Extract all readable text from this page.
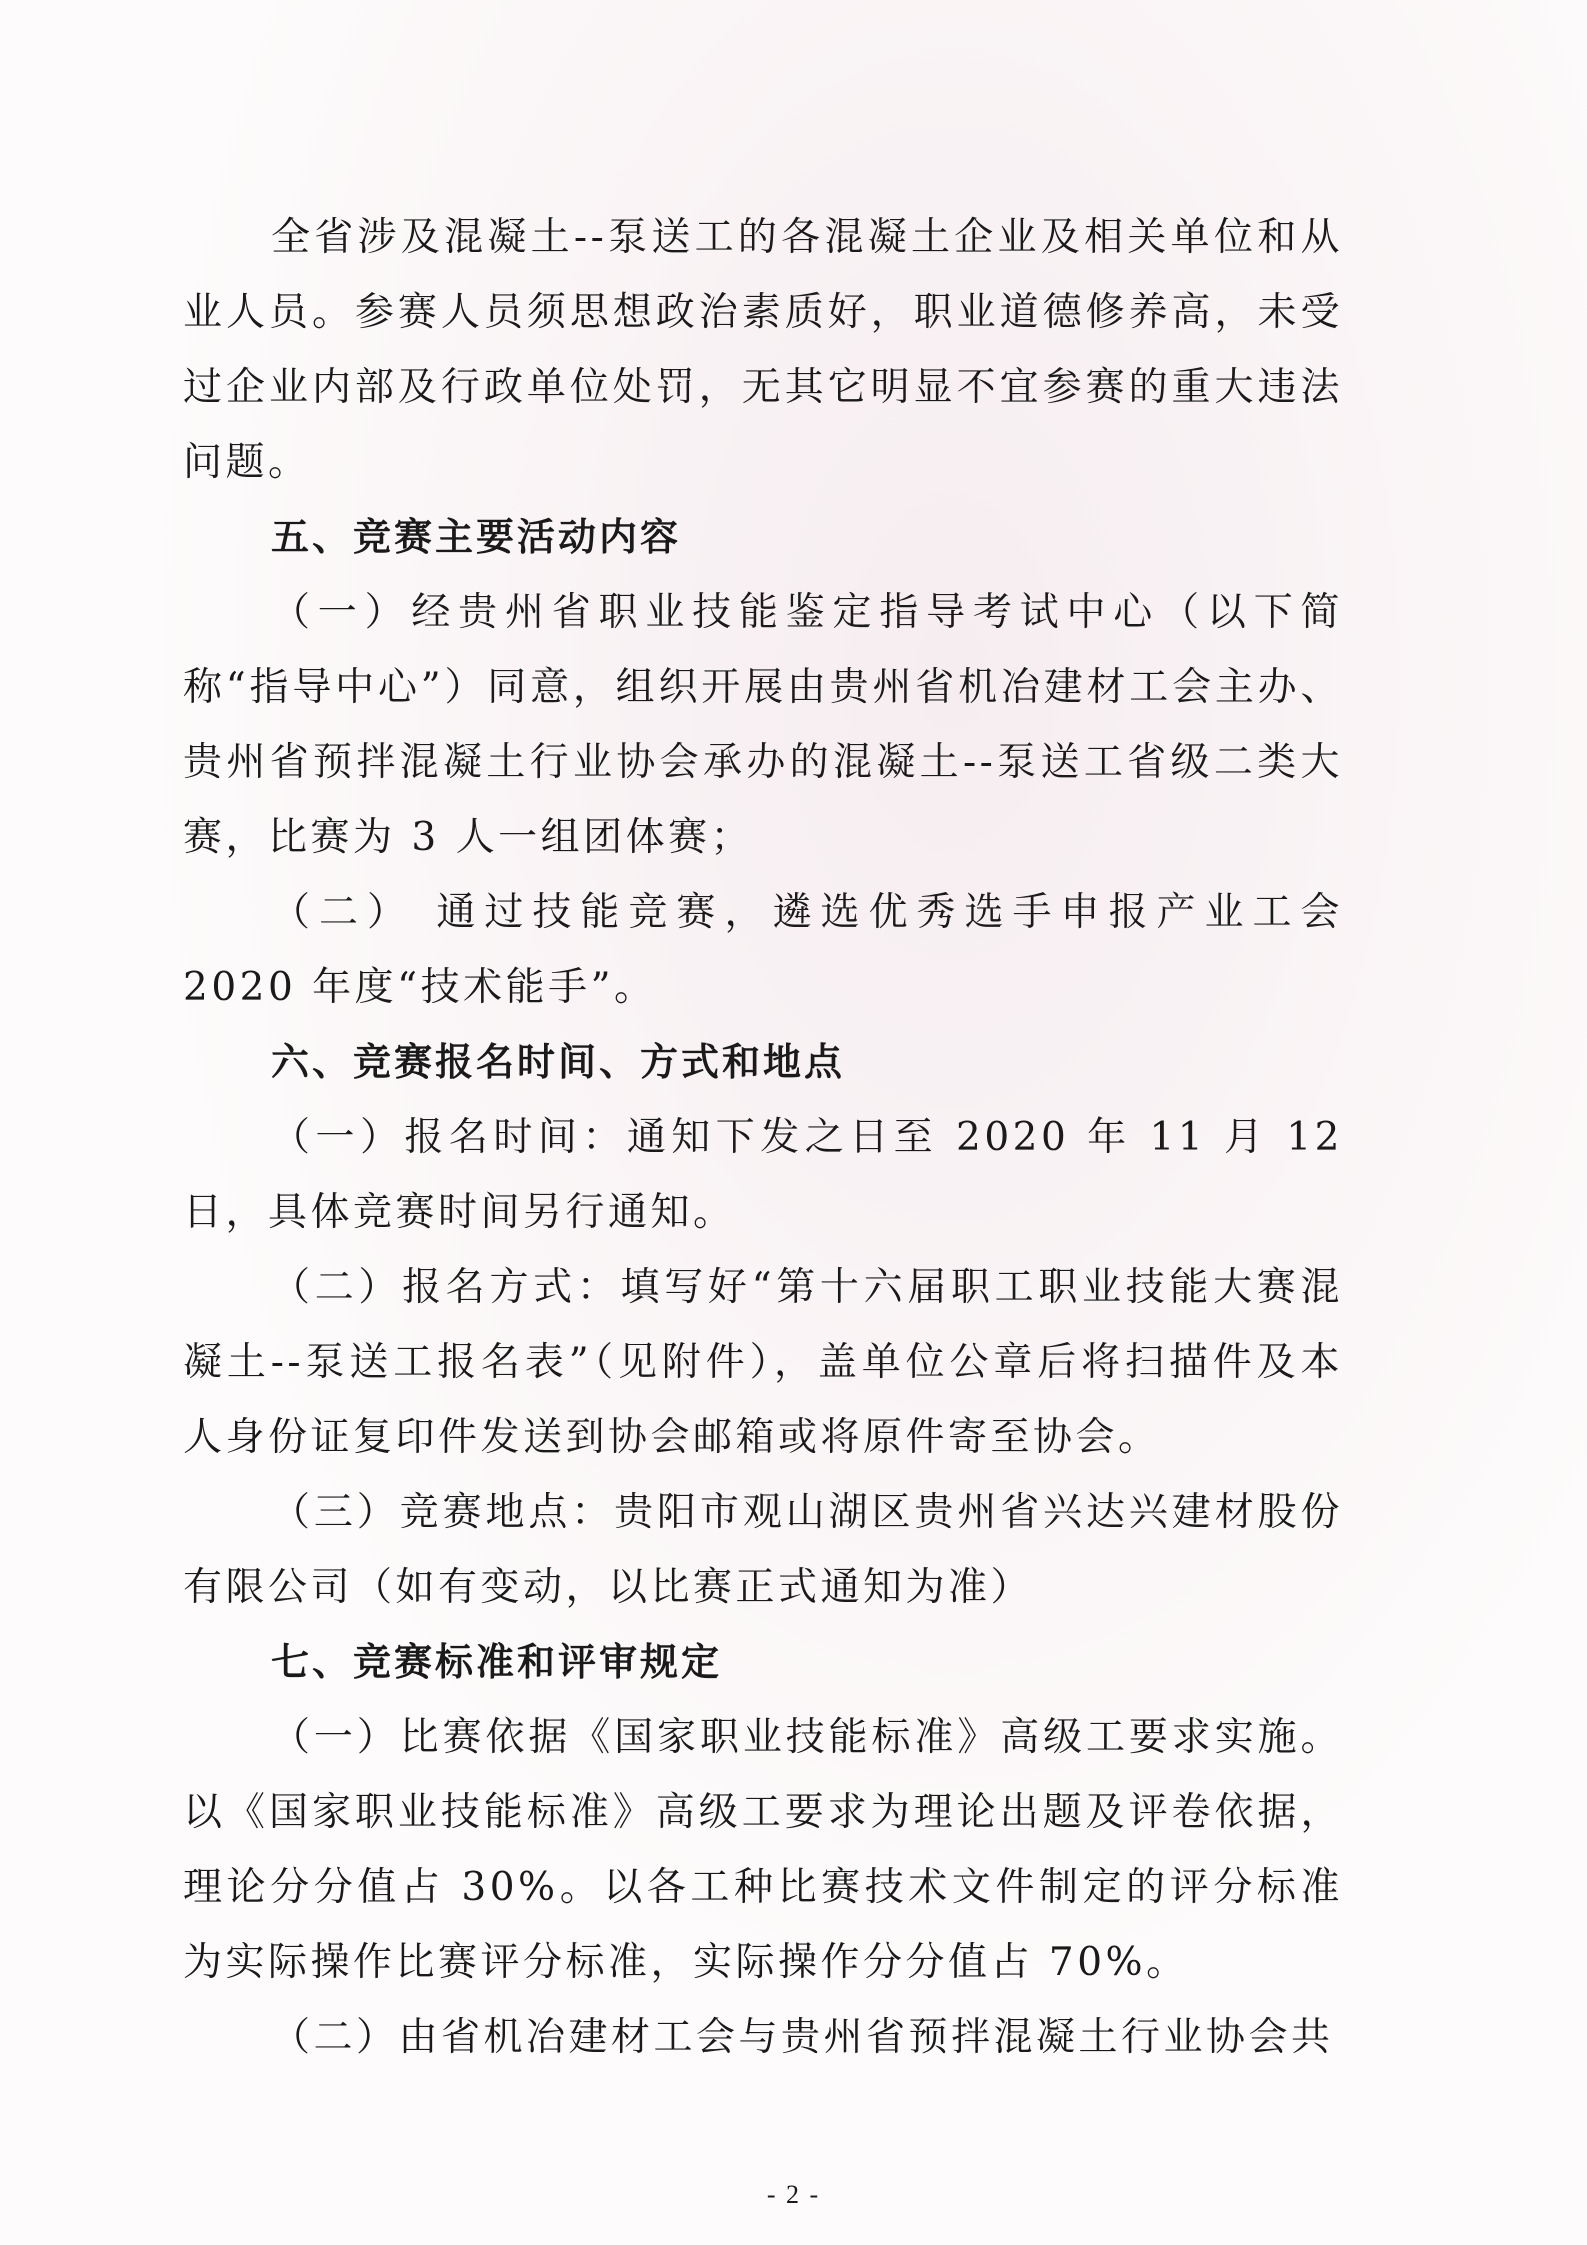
全省涉及混凝土--泵送工的各混凝土企业及相关单位和从业人员。参赛人员须思想政治素质好，职业道德修养高，未受过企业内部及行政单位处罚，无其它明显不宜参赛的重大违法问题。

五、竞赛主要活动内容

（一）经贵州省职业技能鉴定指导考试中心（以下简称“指导中心”）同意，组织开展由贵州省机冶建材工会主办、贵州省预拌混凝土行业协会承办的混凝土--泵送工省级二类大赛，比赛为 3 人一组团体赛；

（二） 通过技能竞赛，遴选优秀选手申报产业工会 2020 年度“技术能手”。

六、竞赛报名时间、方式和地点

（一）报名时间：通知下发之日至 2020 年 11 月 12 日，具体竞赛时间另行通知。

（二）报名方式：填写好“第十六届职工职业技能大赛混凝土--泵送工报名表”（见附件），盖单位公章后将扫描件及本人身份证复印件发送到协会邮箱或将原件寄至协会。

（三）竞赛地点：贵阳市观山湖区贵州省兴达兴建材股份有限公司（如有变动，以比赛正式通知为准）

七、竞赛标准和评审规定

（一）比赛依据《国家职业技能标准》高级工要求实施。以《国家职业技能标准》高级工要求为理论出题及评卷依据，理论分分值占 30%。以各工种比赛技术文件制定的评分标准为实际操作比赛评分标准，实际操作分分值占 70%。

（二）由省机冶建材工会与贵州省预拌混凝土行业协会共

- 2 -
